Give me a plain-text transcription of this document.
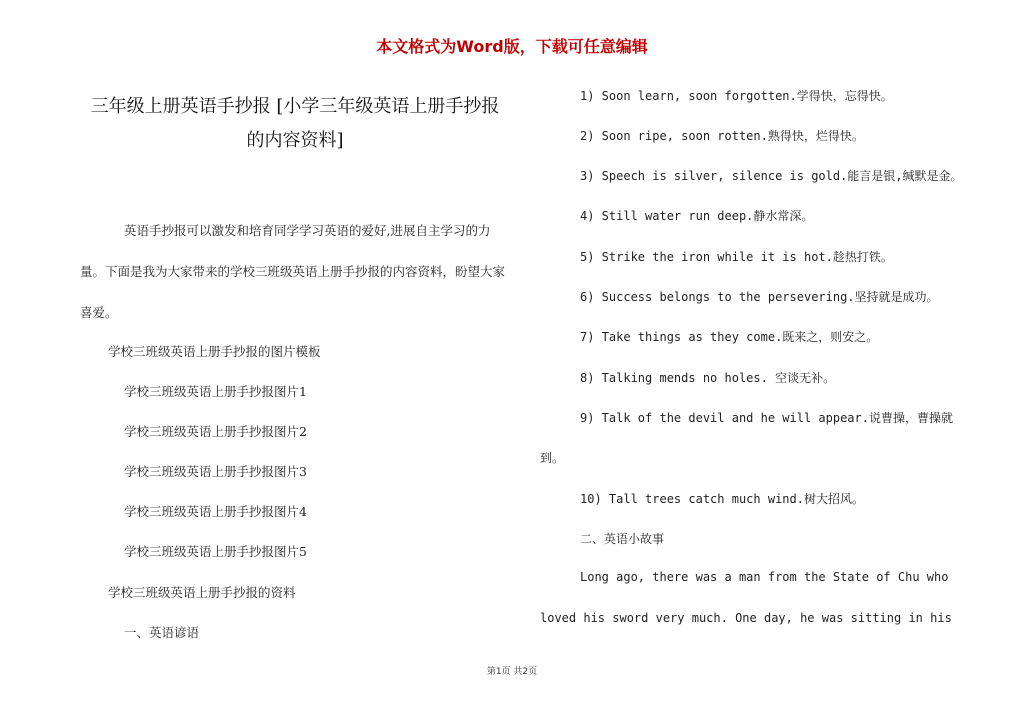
本文格式为Word版，下载可任意编辑
三年级上册英语手抄报 [小学三年级英语上册手抄报
的内容资料]

英语手抄报可以激发和培育同学学习英语的爱好,进展自主学习的力量。下面是我为大家带来的学校三班级英语上册手抄报的内容资料，盼望大家喜爱。

学校三班级英语上册手抄报的图片模板
学校三班级英语上册手抄报图片1
学校三班级英语上册手抄报图片2
学校三班级英语上册手抄报图片3
学校三班级英语上册手抄报图片4
学校三班级英语上册手抄报图片5
学校三班级英语上册手抄报的资料
一、英语谚语
1) Soon learn, soon forgotten.学得快，忘得快。
2) Soon ripe, soon rotten.熟得快，烂得快。
3) Speech is silver, silence is gold.能言是银,缄默是金。
4) Still water run deep.静水常深。
5) Strike the iron while it is hot.趁热打铁。
6) Success belongs to the persevering.坚持就是成功。
7) Take things as they come.既来之，则安之。
8) Talking mends no holes. 空谈无补。
9) Talk of the devil and he will appear.说曹操，曹操就
到。
10) Tall trees catch much wind.树大招风。
二、英语小故事
Long ago, there was a man from the State of Chu who
loved his sword very much. One day, he was sitting in his
第1页 共2页
